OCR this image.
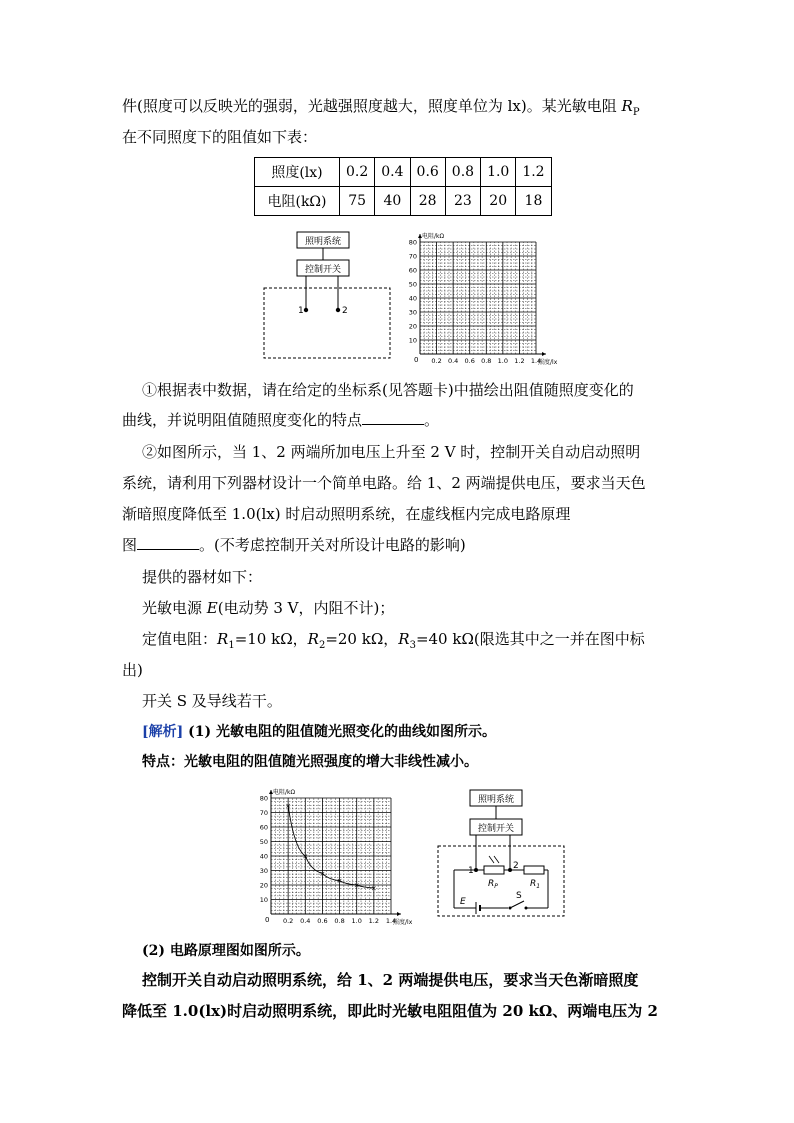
件(照度可以反映光的强弱，光越强照度越大，照度单位为 lx)。某光敏电阻 $R_P$
在不同照度下的阻值如下表：
照度(lx)	0.2	0.4	0.6	0.8	1.0	1.2
电阻(kΩ)	75	40	28	23	20	18
照明系统
控制开关
1	2
电阻/kΩ
照度/lx
0 0.2 0.4 0.6 0.8 1.0 1.2 1.4
10
20
30
40
50
60
70
80
①根据表中数据，请在给定的坐标系(见答题卡)中描绘出阻值随照度变化的
曲线，并说明阻值随照度变化的特点	。
②如图所示，当 1、2 两端所加电压上升至 2 V 时，控制开关自动启动照明
系统，请利用下列器材设计一个简单电路。给 1、2 两端提供电压，要求当天色
渐暗照度降低至 1.0(lx) 时启动照明系统，在虚线框内完成电路原理
图	。(不考虑控制开关对所设计电路的影响)
提供的器材如下：
光敏电源 E(电动势 3 V，内阻不计)；
定值电阻：$R_1=10$ kΩ，$R_2=20$ kΩ，$R_3=40$ kΩ(限选其中之一并在图中标
出)
开关 S 及导线若干。
[解析] (1) 光敏电阻的阻值随光照变化的曲线如图所示。
特点：光敏电阻的阻值随光照强度的增大非线性减小。
电阻/kΩ
照度/lx
0 0.2 0.4 0.6 0.8 1.0 1.2 1.4
10
20
30
40
50
60
70
80
×
×
×
×
× ×
照明系统
控制开关
1	2
$R_P$	$R_1$
E
S
(2) 电路原理图如图所示。
控制开关自动启动照明系统，给 1、2 两端提供电压，要求当天色渐暗照度
降低至 1.0(lx)时启动照明系统，即此时光敏电阻阻值为 20 kΩ、两端电压为 2
